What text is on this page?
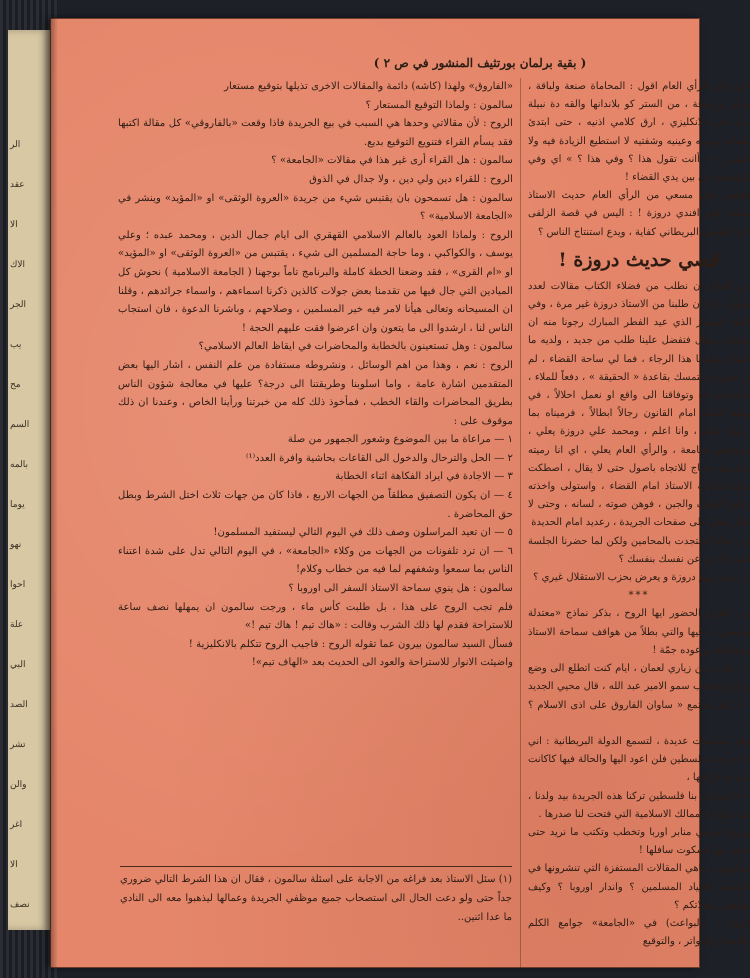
الر
عقد
الا
الاك
الجر
يب
مح
السم
بالمه
يوما
نهو
احوا
علة
البي
الصد
تشر
والن
اغر
الا
نصف
( بقية برلمان بورتثيف المنشور في ص ٢ )

«الفاروق» ولهذا (كاشه) دائمة والمقالات الاخرى تذيلها بتوقيع مستعار

سالمون : ولماذا التوقيع المستعار ؟

الروح : لأن مقالاتي وحدها هي السبب في بيع الجريدة فاذا وقعت «بالفاروقي» كل مقالة اكتبها فقد يسأم القراء فتنويع التوقيع بديع.

سالمون : هل القراء أرى غير هذا في مقالات «الجامعة» ؟

الروح : للقراء دين ولي دين ، ولا جدال في الذوق

سالمون : هل تسمحون بان يقتبس شيء من جريدة «العروة الوثقى» او «المؤيد» وينشر في «الجامعة الاسلامية» ؟

الروح : ولماذا العود بالعالم الاسلامي القهقري الى ايام جمال الدين ، ومحمد عبده ؛ وعلي يوسف ، والكواكبي ، وما حاجة المسلمين الى شيء ، يقتبس من «العروة الوثقى» او «المؤيد» او «ام القرى» ، فقد وضعنا الخطة كاملة والبرنامج تاماً بوجهنا ( الجامعة الاسلامية ) نحوش كل الميادين التي جال فيها من تقدمنا بعض جولات كالذين ذكرنا اسماءهم ، واسماء جرائدهم ، وقلنا ان المسيحانه وتعالى هيأنا لامر فيه خير المسلمين ، وصلاحهم ، وباشرنا الدعوة ، فان استجاب الناس لنا ، ارشدوا الى ما يتعون وان اعرضوا فقت عليهم الحجة !

سالمون : وهل تستعينون بالخطابة والمحاضرات في ايقاظ العالم الاسلامي؟

الروح : نعم ، وهذا من اهم الوسائل ، ونشروطه مستفادة من علم النفس ، اشار اليها بعض المتقدمين اشارة عامة ، واما اسلوبنا وطريقتنا الى درجة؟ عليها في معالجة شؤون الناس بطريق المحاضرات والقاء الخطب ، فمأخوذ ذلك كله من خبرتنا ورأينا الخاص ، وعندنا ان ذلك موقوف على :

١ — مراعاة ما بين الموضوع وشعور الجمهور من صلة

٢ — الحل والترحال والدخول الى القاعات بحاشية وافرة العدد⁽¹⁾

٣ — الاجادة في ايراد الفكاهة اثناء الخطابة

٤ — ان يكون التصفيق مطلقاً من الجهات الاربع ، فاذا كان من جهات ثلاث اختل الشرط وبطل حق المحاضرة .

٥ — ان تعيد المراسلون وصف ذلك في اليوم التالي ليستفيد المسلمون!

٦ — ان ترد تلفونات من الجهات من وكلاء «الجامعة» ، في اليوم التالي تدل على شدة اعتناء الناس بما سمعوا وشغفهم لما فيه من خطاب وكلام!

سالمون : هل ينوي سماحة الاستاذ السفر الى اوروبا ؟

فلم تجب الروح على هذا ، بل طلبت كأس ماء ، ورجت سالمون ان يمهلها نصف ساعة للاستراحة فقدم لها ذلك الشرب وقالت : «هاك تيم ! هاك تيم !»

فسأل السيد سالمون بيرون عما تقوله الروح : فاجيب الروح تتكلم بالانكليزية !

واضيئت الانوار للاستراحة والعود الى الحديث بعد «الهاف تيم»!

اعود الى الرأي العام اقول : المحاماة صنعة ولباقة ، ونحن ورشاقة ، من الستر كو بلاندانها والقه دة نبيلة تدل على الانكليزي ، ارق كلامي اذنيه ، حتى ابتدئ بلسانه و يديه وعينيه وشفتيه لا استطيع الزيادة فيه ولا النقص : « أانت تقول هذا ؟ وفي هذا ؟ » اي وفي المحكمة اني بين يدي القضاء !

فقضي على مسعي من الرأي العام حديث الاستاذ محمد علي افندي دروزة ! : اليس في قصة الزلفى الى القاضي البريطاني كفاية ، ويدع استنتاج الناس ؟

قصي حديث دروزة !

من العادة ان نطلب من فضلاء الكتاب مقالات لعدد ممتاز ، لك ان طلبنا من الاستاذ دروزة غير مرة ، وفي العدد الممتاز الذي عيد الفطر المبارك رجونا منه ان يتفضل بمقال فتفضل علينا طلب من جديد ، ولديه ما كتبناه بتفنيدنا هذا الرجاء ، فما لي ساحة القضاء ، لم ار ضرورة للتمسك بقاعدة « الحقيقة » ، دفعاً للملاء ، فاستجابنا له وتوفاقنا الى واقع او نعمل احلالاً ، في وضع الحلبة امام القانون رجالاً ابطالاً ، فرميناه بما رميناه يعلي ، وانا اعلم ، ومحمد علي دروزة يعلي ، وموظفو الجامعة ، والرأي العام يعلي ، اي انا رميته بمارميته يحتاج للاتجاه باصول حتى لا يقال ، اصطكت ركبتا سماحة الاستاذ امام القضاء ، واستولى واخذته رجفة الخوف والجبن ، فوهن صوته ، لسانه ، وحتى لا يقال بطل على صفحات الجريدة ، رعديد امام الحديدة

ن : لماذا استجدت بالمحامين ولكن لما حضرنا الجلسة ابيت الا في عن نفسك بنفسك ؟

ح : ومن يهم دروزة و يعرض بحزب الاستقلال غيري ؟

***

ن : اطري الحضور ايها الروح ، بذكر نماذج «معتدلة وسطى» ، فيها والتي بطلاً من هواقف سماحة الاستاذ وخطاباته ورعوده جمّة !

ح : قلت حين زياري لعمان ، ايام كنت اتطلع الى وضع برنامج صاحب سمو الامير عبد الله ، قال محيي الجديد : « كيف يجتمع « ساوان الفاروق على اذى الاسلام ؟ »

وفي مناسبات عديدة ، لتسمع الدولة البريطانية : اني اذا خرجت فلسطين فلن اعود اليها والحالة فيها كاكانت عند ما فارقتها ،

« اذا صافت بنا فلسطين تركنا هذه الجريدة بيد ولدنا ، ثم دعوات الممالك الاسلامية التي فتحت لنا صدرها .

وزروح ترتقي منابر اوربا وتخطب وتكتب ما نريد حتى نجعل مع السكوت سافلها !

سالمون : ماهي المقالات المستفزة التي تنشرونها في الجامعة لافتياد المسلمين ؟ واندار اوروبا ؟ وكيف توقعون مقالاتكم ؟

الروح : (البواعث) في «الجامعة» جوامع الكلم بالاجماع والتواتر ، والتوقيع

(١) سئل الاستاذ بعد فراغه من الاجابة على اسئلة سالمون ، فقال ان هذا الشرط التالي ضروري جداً حتى ولو دعت الحال الى استصحاب جميع موظفي الجريدة وعمالها ليذهبوا معه الى النادي ما عدا اثنين..
